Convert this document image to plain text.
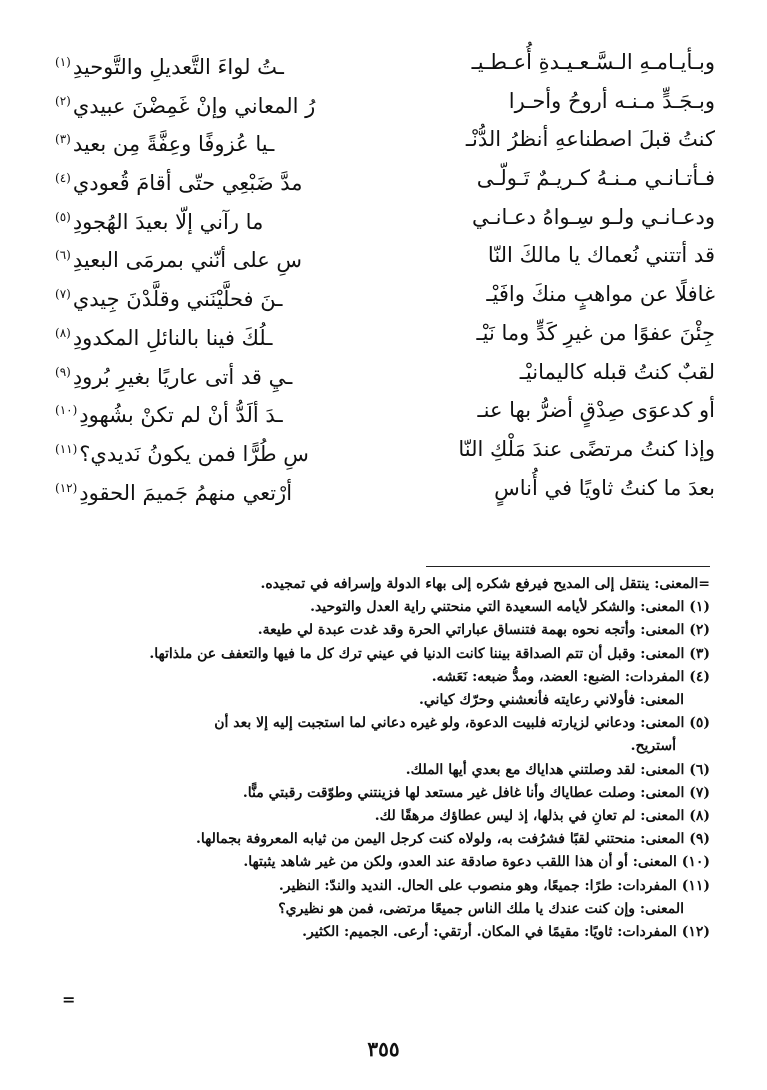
وبـأيـامـهِ الـسَّـعـيـدةِ أُعـطـيـ
ـتُ لواءَ التَّعديلِ والتَّوحيدِ$^{(١)}$
وبـجَـدٍّ مـنـه أروحُ وأحـرا
رُ المعاني وإنْ غَمِضْنَ عبيدي$^{(٢)}$
كنتُ قبلَ اصطناعهِ أنظرُ الدُّنْـ
ـيا عُزوفًا وعِفَّةً مِن بعيد$^{(٣)}$
فـأتـانـي مـنـهُ كـريـمٌ تَـولّـى
مدَّ ضَبْعِي حتّى أقامَ قُعودي$^{(٤)}$
ودعـانـي ولـو سِـواهُ دعـانـي
ما رآني إلّا بعيدَ الهُجودِ$^{(٥)}$
قد أتتني نُعماك يا مالكَ النّا
سِ على أنّني بمرمَى البعيدِ$^{(٦)}$
غافلًا عن مواهبٍ منكَ وافَيْـ
ـنَ فحلَّيْنَني وقلَّدْنَ جِيدي$^{(٧)}$
جِئْنَ عفوًا من غيرِ كَدٍّ وما نَيْـ
ـلُكَ فينا بالنائلِ المكدودِ$^{(٨)}$
لقبٌ كنتُ قبله كاليمانيْـ
ـيِ قد أتى عاريًا بغيرِ بُرودِ$^{(٩)}$
أو كدعوَى صِدْقٍ أضرُّ بها عنـ
ـدَ ألَدُّ أنْ لم تكنْ بشُهودِ$^{(١٠)}$
وإذا كنتُ مرتضًى عندَ مَلْكِ النّا
سِ طُرًّا فمن يكونُ نَديدي؟$^{(١١)}$
بعدَ ما كنتُ ثاويًا في أُناسٍ
أرْتعي منهمُ جَميمَ الحقودِ$^{(١٢)}$
=المعنى: ينتقل إلى المديح فيرفع شكره إلى بهاء الدولة وإسرافه في تمجيده.
(١) المعنى: والشكر لأيامه السعيدة التي منحتني راية العدل والتوحيد.
(٢) المعنى: وأتجه نحوه بهمة فتنساق عباراتي الحرة وقد غدت عبدة لي طيعة.
(٣) المعنى: وقبل أن تتم الصداقة بيننا كانت الدنيا في عيني ترك كل ما فيها والتعفف عن ملذاتها.
(٤) المفردات: الضبع: العضد، ومدُّ ضبعه: نَعَشه.
المعنى: فأولاني رعايته فأنعشني وحرّك كياني.
(٥) المعنى: ودعاني لزيارته فلبيت الدعوة، ولو غيره دعاني لما استجبت إليه إلا بعد أن
أستريح.
(٦) المعنى: لقد وصلتني هداياك مع بعدي أيها الملك.
(٧) المعنى: وصلت عطاياك وأنا غافل غير مستعد لها فزينتني وطوّقت رقبتي منًّا.
(٨) المعنى: لم تعانِ في بذلها، إذ ليس عطاؤك مرهقًا لك.
(٩) المعنى: منحتني لقبًا فشرُفت به، ولولاه كنت كرجل اليمن من ثيابه المعروفة بجمالها.
(١٠) المعنى: أو أن هذا اللقب دعوة صادقة عند العدو، ولكن من غير شاهد يثبتها.
(١١) المفردات: طرًا: جميعًا، وهو منصوب على الحال. النديد والندّ: النظير.
المعنى: وإن كنت عندك يا ملك الناس جميعًا مرتضى، فمن هو نظيري؟
(١٢) المفردات: ثاويًا: مقيمًا في المكان. أرتقي: أرعى. الجميم: الكثير.
=
٣٥٥
